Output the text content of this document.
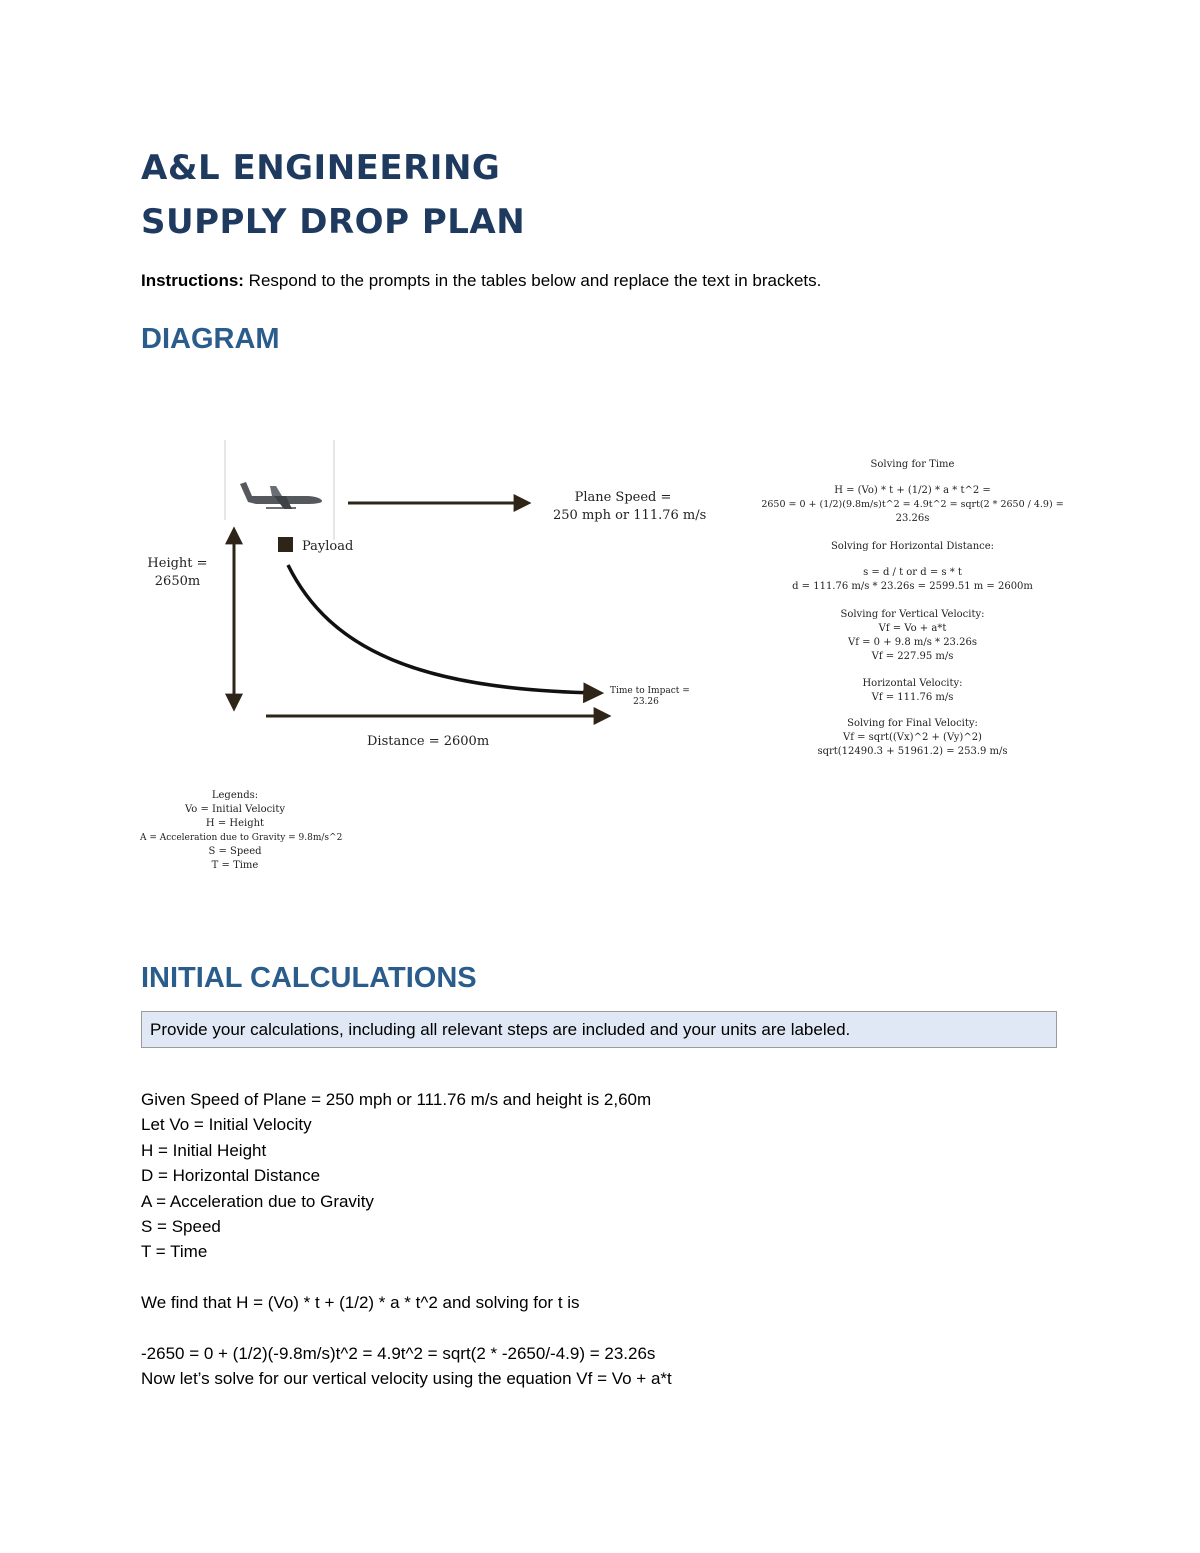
A&L ENGINEERING
SUPPLY DROP PLAN
Instructions: Respond to the prompts in the tables below and replace the text in brackets.
DIAGRAM
Plane Speed =
250 mph or 111.76 m/s
Payload
Height =
2650m
Distance = 2600m
Time to Impact =
23.26
Legends:
Vo = Initial Velocity
H = Height
A = Acceleration due to Gravity = 9.8m/s^2
S = Speed
T = Time
Solving for Time
H = (Vo) * t + (1/2) * a * t^2 =
2650 = 0 + (1/2)(9.8m/s)t^2 = 4.9t^2 = sqrt(2 * 2650 / 4.9) =
23.26s
Solving for Horizontal Distance:
s = d / t or d = s * t
d = 111.76 m/s * 23.26s = 2599.51 m = 2600m
Solving for Vertical Velocity:
Vf = Vo + a*t
Vf = 0 + 9.8 m/s * 23.26s
Vf = 227.95 m/s
Horizontal Velocity:
Vf = 111.76 m/s
Solving for Final Velocity:
Vf = sqrt((Vx)^2 + (Vy)^2)
sqrt(12490.3 + 51961.2) = 253.9 m/s
INITIAL CALCULATIONS
Provide your calculations, including all relevant steps are included and your units are labeled.
Given Speed of Plane = 250 mph or 111.76 m/s and height is 2,60m
Let Vo = Initial Velocity
H = Initial Height
D = Horizontal Distance
A = Acceleration due to Gravity
S = Speed
T = Time
We find that H = (Vo) * t + (1/2) * a * t^2 and solving for t is
-2650 = 0 + (1/2)(-9.8m/s)t^2 = 4.9t^2 = sqrt(2 * -2650/-4.9) = 23.26s
Now let’s solve for our vertical velocity using the equation Vf = Vo + a*t
